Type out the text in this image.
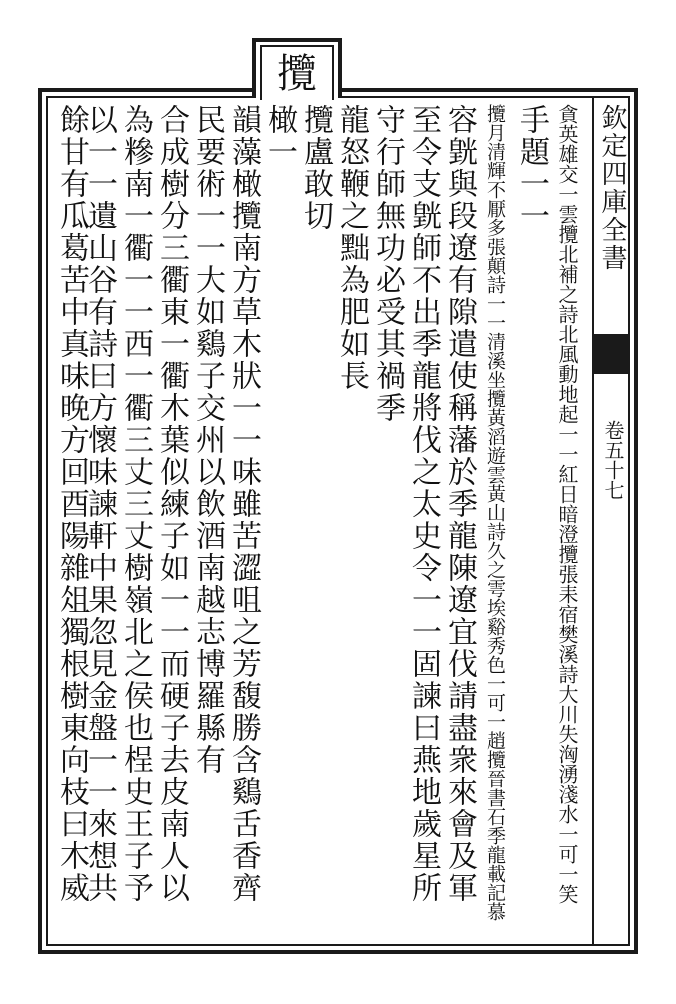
攬
欽定四庫全書
卷五十七
貪英雄交一雲攬北補之詩北風動地起一一紅日暗澄攬張耒宿樊溪詩大川失洶湧淺水一可一笑
手題一一
攬月清輝不厭多張顛詩一一清溪坐攬黃滔遊雲黃山詩久之雩埃谿秀色一可一趙攬晉書石季龍載記慕
容皝與段遼有隙遣使稱藩於季龍陳遼宜伐請盡衆來會及軍
至令支皝師不出季龍將伐之太史令一一固諫曰燕地歲星所
守行師無功必受其禍季
龍怒鞭之黜為肥如長
攬盧敢切
橄一
韻藻橄攬南方草木狀一一味雖苦澀咀之芳馥勝含鷄舌香齊
民要術一一大如鷄子交州以飲酒南越志博羅縣有
合成樹分三衢東一衢木葉似練子如一一而硬子去皮南人以
為糝南一衢一一西一衢三丈三丈樹嶺北之侯也桯史王子予
以一一遺山谷有詩曰方懷味諫軒中果忽見金盤一一來想共
餘甘有瓜葛苦中真味晚方回酉陽雜俎獨根樹東向枝曰木威
